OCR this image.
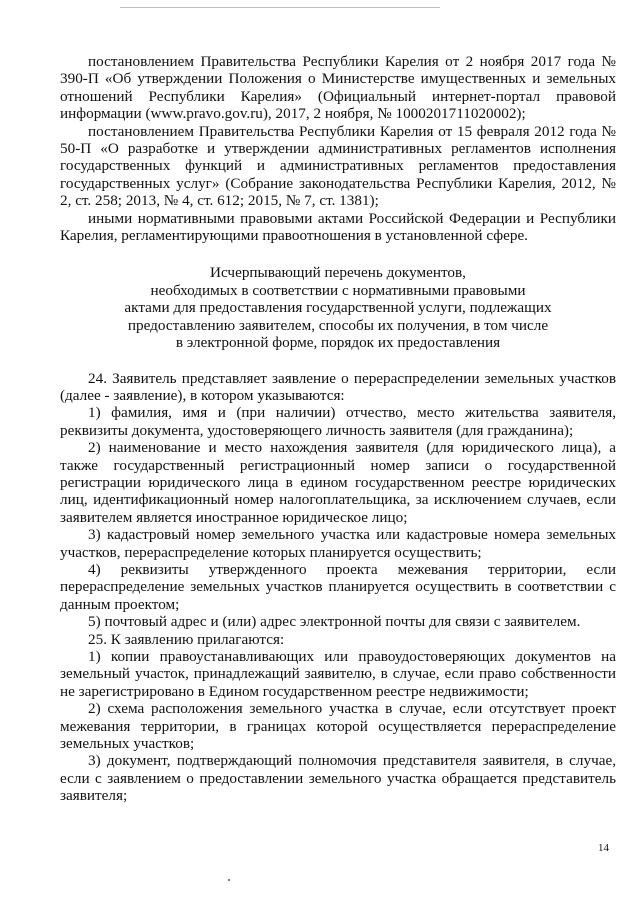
постановлением Правительства Республики Карелия от 2 ноября 2017 года № 390-П «Об утверждении Положения о Министерстве имущественных и земельных отношений Республики Карелия» (Официальный интернет-портал правовой информации (www.pravo.gov.ru), 2017, 2 ноября, № 1000201711020002);

постановлением Правительства Республики Карелия от 15 февраля 2012 года № 50-П «О разработке и утверждении административных регламентов исполнения государственных функций и административных регламентов предоставления государственных услуг» (Собрание законодательства Республики Карелия, 2012, № 2, ст. 258; 2013, № 4, ст. 612; 2015, № 7, ст. 1381);

иными нормативными правовыми актами Российской Федерации и Республики Карелия, регламентирующими правоотношения в установленной сфере.

Исчерпывающий перечень документов,
необходимых в соответствии с нормативными правовыми
актами для предоставления государственной услуги, подлежащих
предоставлению заявителем, способы их получения, в том числе
в электронной форме, порядок их предоставления

24. Заявитель представляет заявление о перераспределении земельных участков (далее - заявление), в котором указываются:

1) фамилия, имя и (при наличии) отчество, место жительства заявителя, реквизиты документа, удостоверяющего личность заявителя (для гражданина);

2) наименование и место нахождения заявителя (для юридического лица), а также государственный регистрационный номер записи о государственной регистрации юридического лица в едином государственном реестре юридических лиц, идентификационный номер налогоплательщика, за исключением случаев, если заявителем является иностранное юридическое лицо;

3) кадастровый номер земельного участка или кадастровые номера земельных участков, перераспределение которых планируется осуществить;

4) реквизиты утвержденного проекта межевания территории, если перераспределение земельных участков планируется осуществить в соответствии с данным проектом;

5) почтовый адрес и (или) адрес электронной почты для связи с заявителем.

25. К заявлению прилагаются:

1) копии правоустанавливающих или правоудостоверяющих документов на земельный участок, принадлежащий заявителю, в случае, если право собственности не зарегистрировано в Едином государственном реестре недвижимости;

2) схема расположения земельного участка в случае, если отсутствует проект межевания территории, в границах которой осуществляется перераспределение земельных участков;

3) документ, подтверждающий полномочия представителя заявителя, в случае, если с заявлением о предоставлении земельного участка обращается представитель заявителя;

14
